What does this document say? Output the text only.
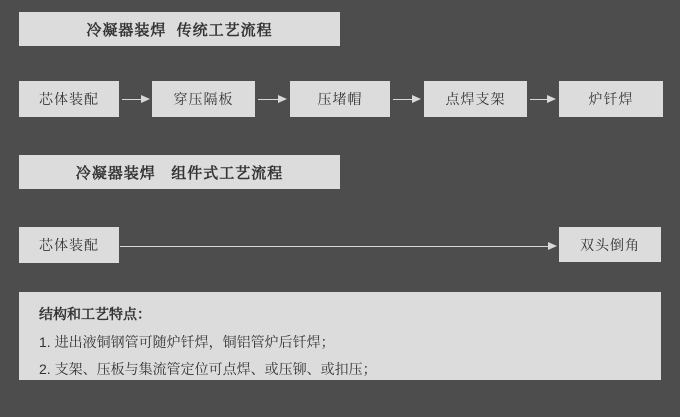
冷凝器装焊  传统工艺流程
芯体装配	穿压隔板	压堵帽	点焊支架	炉钎焊
冷凝器装焊   组件式工艺流程
芯体装配	双头倒角
结构和工艺特点：
1. 进出液铜钢管可随炉钎焊，铜铝管炉后钎焊；
2. 支架、压板与集流管定位可点焊、或压铆、或扣压；
